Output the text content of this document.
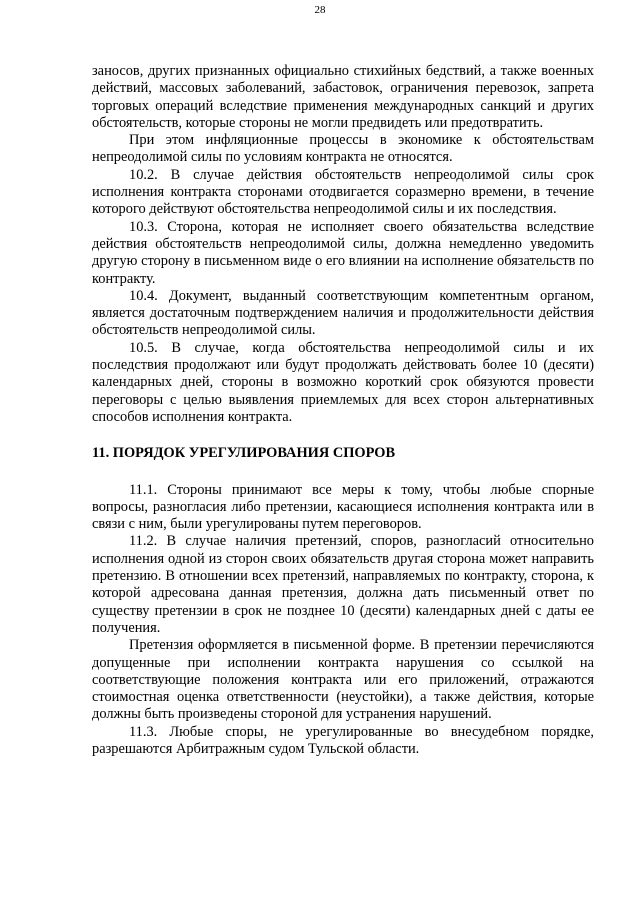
28

заносов, других признанных официально стихийных бедствий, а также военных действий, массовых заболеваний, забастовок, ограничения перевозок, запрета торговых операций вследствие применения международных санкций и других обстоятельств, которые стороны не могли предвидеть или предотвратить.

При этом инфляционные процессы в экономике к обстоятельствам непреодолимой силы по условиям контракта не относятся.

10.2. В случае действия обстоятельств непреодолимой силы срок исполнения контракта сторонами отодвигается соразмерно времени, в течение которого действуют обстоятельства непреодолимой силы и их последствия.

10.3. Сторона, которая не исполняет своего обязательства вследствие действия обстоятельств непреодолимой силы, должна немедленно уведомить другую сторону в письменном виде о его влиянии на исполнение обязательств по контракту.

10.4. Документ, выданный соответствующим компетентным органом, является достаточным подтверждением наличия и продолжительности действия обстоятельств непреодолимой силы.

10.5. В случае, когда обстоятельства непреодолимой силы и их последствия продолжают или будут продолжать действовать более 10 (десяти) календарных дней, стороны в возможно короткий срок обязуются провести переговоры с целью выявления приемлемых для всех сторон альтернативных способов исполнения контракта.

11. ПОРЯДОК УРЕГУЛИРОВАНИЯ СПОРОВ

11.1. Стороны принимают все меры к тому, чтобы любые спорные вопросы, разногласия либо претензии, касающиеся исполнения контракта или в связи с ним, были урегулированы путем переговоров.

11.2. В случае наличия претензий, споров, разногласий относительно исполнения одной из сторон своих обязательств другая сторона может направить претензию. В отношении всех претензий, направляемых по контракту, сторона, к которой адресована данная претензия, должна дать письменный ответ по существу претензии в срок не позднее 10 (десяти) календарных дней с даты ее получения.

Претензия оформляется в письменной форме. В претензии перечисляются допущенные при исполнении контракта нарушения со ссылкой на соответствующие положения контракта или его приложений, отражаются стоимостная оценка ответственности (неустойки), а также действия, которые должны быть произведены стороной для устранения нарушений.

11.3. Любые споры, не урегулированные во внесудебном порядке, разрешаются Арбитражным судом Тульской области.
